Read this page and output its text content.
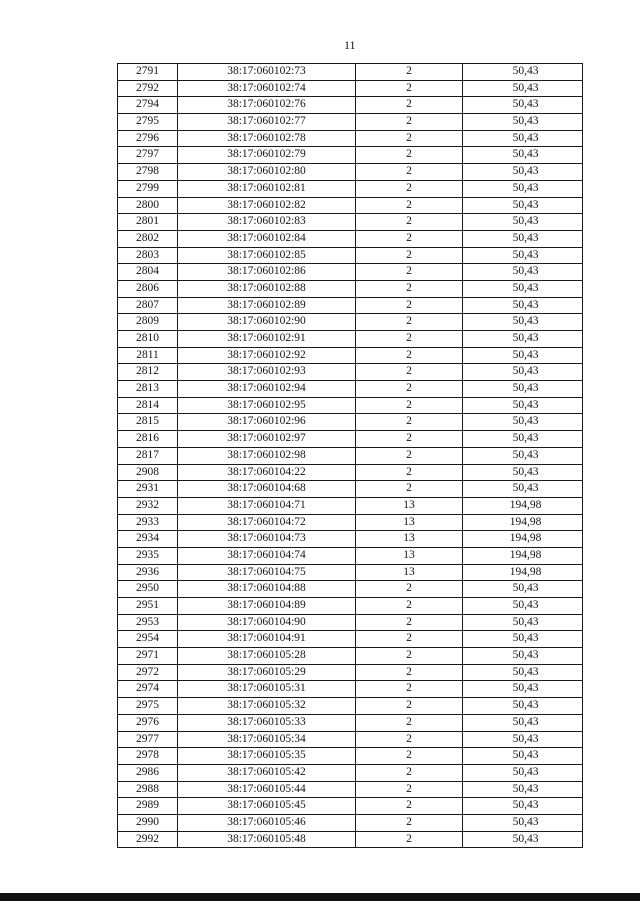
11
2791	38:17:060102:73	2	50,43
2792	38:17:060102:74	2	50,43
2794	38:17:060102:76	2	50,43
2795	38:17:060102:77	2	50,43
2796	38:17:060102:78	2	50,43
2797	38:17:060102:79	2	50,43
2798	38:17:060102:80	2	50,43
2799	38:17:060102:81	2	50,43
2800	38:17:060102:82	2	50,43
2801	38:17:060102:83	2	50,43
2802	38:17:060102:84	2	50,43
2803	38:17:060102:85	2	50,43
2804	38:17:060102:86	2	50,43
2806	38:17:060102:88	2	50,43
2807	38:17:060102:89	2	50,43
2809	38:17:060102:90	2	50,43
2810	38:17:060102:91	2	50,43
2811	38:17:060102:92	2	50,43
2812	38:17:060102:93	2	50,43
2813	38:17:060102:94	2	50,43
2814	38:17:060102:95	2	50,43
2815	38:17:060102:96	2	50,43
2816	38:17:060102:97	2	50,43
2817	38:17:060102:98	2	50,43
2908	38:17:060104:22	2	50,43
2931	38:17:060104:68	2	50,43
2932	38:17:060104:71	13	194,98
2933	38:17:060104:72	13	194,98
2934	38:17:060104:73	13	194,98
2935	38:17:060104:74	13	194,98
2936	38:17:060104:75	13	194,98
2950	38:17:060104:88	2	50,43
2951	38:17:060104:89	2	50,43
2953	38:17:060104:90	2	50,43
2954	38:17:060104:91	2	50,43
2971	38:17:060105:28	2	50,43
2972	38:17:060105:29	2	50,43
2974	38:17:060105:31	2	50,43
2975	38:17:060105:32	2	50,43
2976	38:17:060105:33	2	50,43
2977	38:17:060105:34	2	50,43
2978	38:17:060105:35	2	50,43
2986	38:17:060105:42	2	50,43
2988	38:17:060105:44	2	50,43
2989	38:17:060105:45	2	50,43
2990	38:17:060105:46	2	50,43
2992	38:17:060105:48	2	50,43
